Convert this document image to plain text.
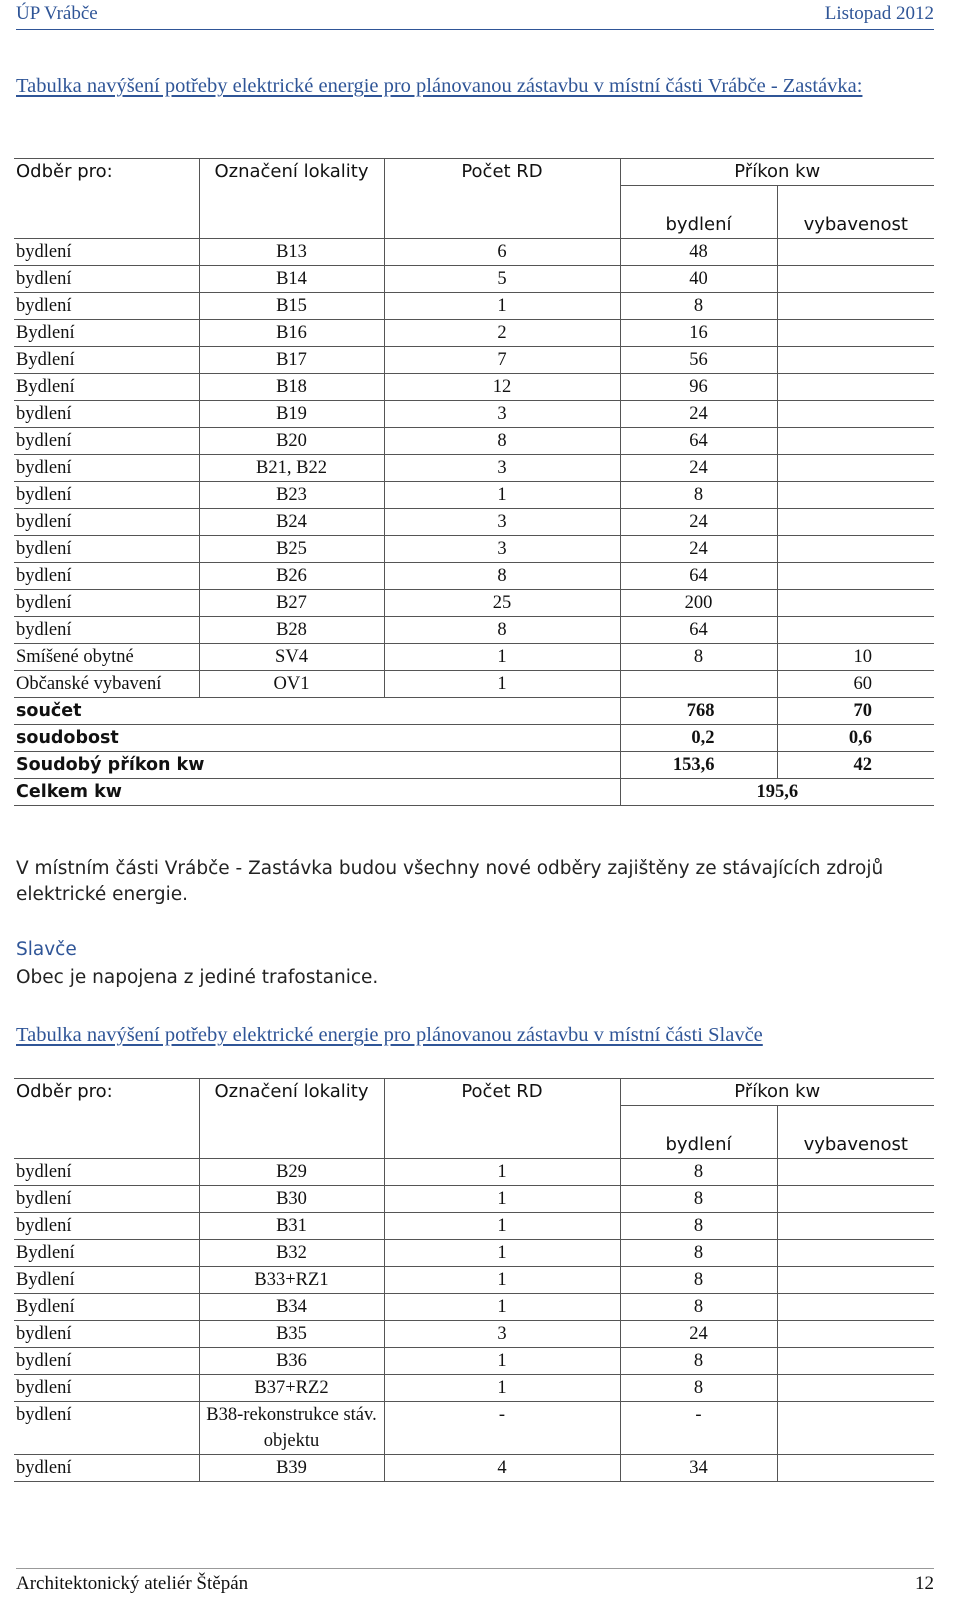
ÚP Vrábče	Listopad 2012
Tabulka navýšení potřeby elektrické energie pro plánovanou zástavbu v místní části Vrábče - Zastávka:
Odběr pro:	Označení lokality	Počet RD	Příkon kw	

			bydlení	vybavenost
bydlení	B13	6	48	
bydlení	B14	5	40	
bydlení	B15	1	8	
Bydlení	B16	2	16	
Bydlení	B17	7	56	
Bydlení	B18	12	96	
bydlení	B19	3	24	
bydlení	B20	8	64	
bydlení	B21, B22	3	24	
bydlení	B23	1	8	
bydlení	B24	3	24	
bydlení	B25	3	24	
bydlení	B26	8	64	
bydlení	B27	25	200	
bydlení	B28	8	64	
Smíšené obytné	SV4	1	8	10
Občanské vybavení	OV1	1		60
součet			768	70
soudobost			0,2	0,6
Soudobý příkon kw			153,6	42
Celkem kw			195,6	
V místním části Vrábče - Zastávka budou všechny nové odběry zajištěny ze stávajících zdrojů elektrické energie.
Slavče
Obec je napojena z jediné trafostanice.
Tabulka navýšení potřeby elektrické energie pro plánovanou zástavbu v místní části Slavče
Odběr pro:	Označení lokality	Počet RD	Příkon kw	

			bydlení	vybavenost
bydlení	B29	1	8	
bydlení	B30	1	8	
bydlení	B31	1	8	
Bydlení	B32	1	8	
Bydlení	B33+RZ1	1	8	
Bydlení	B34	1	8	
bydlení	B35	3	24	
bydlení	B36	1	8	
bydlení	B37+RZ2	1	8	
bydlení	B38-rekonstrukce stáv. objektu	-	-	
bydlení	B39	4	34	
Architektonický ateliér Štěpán	12
